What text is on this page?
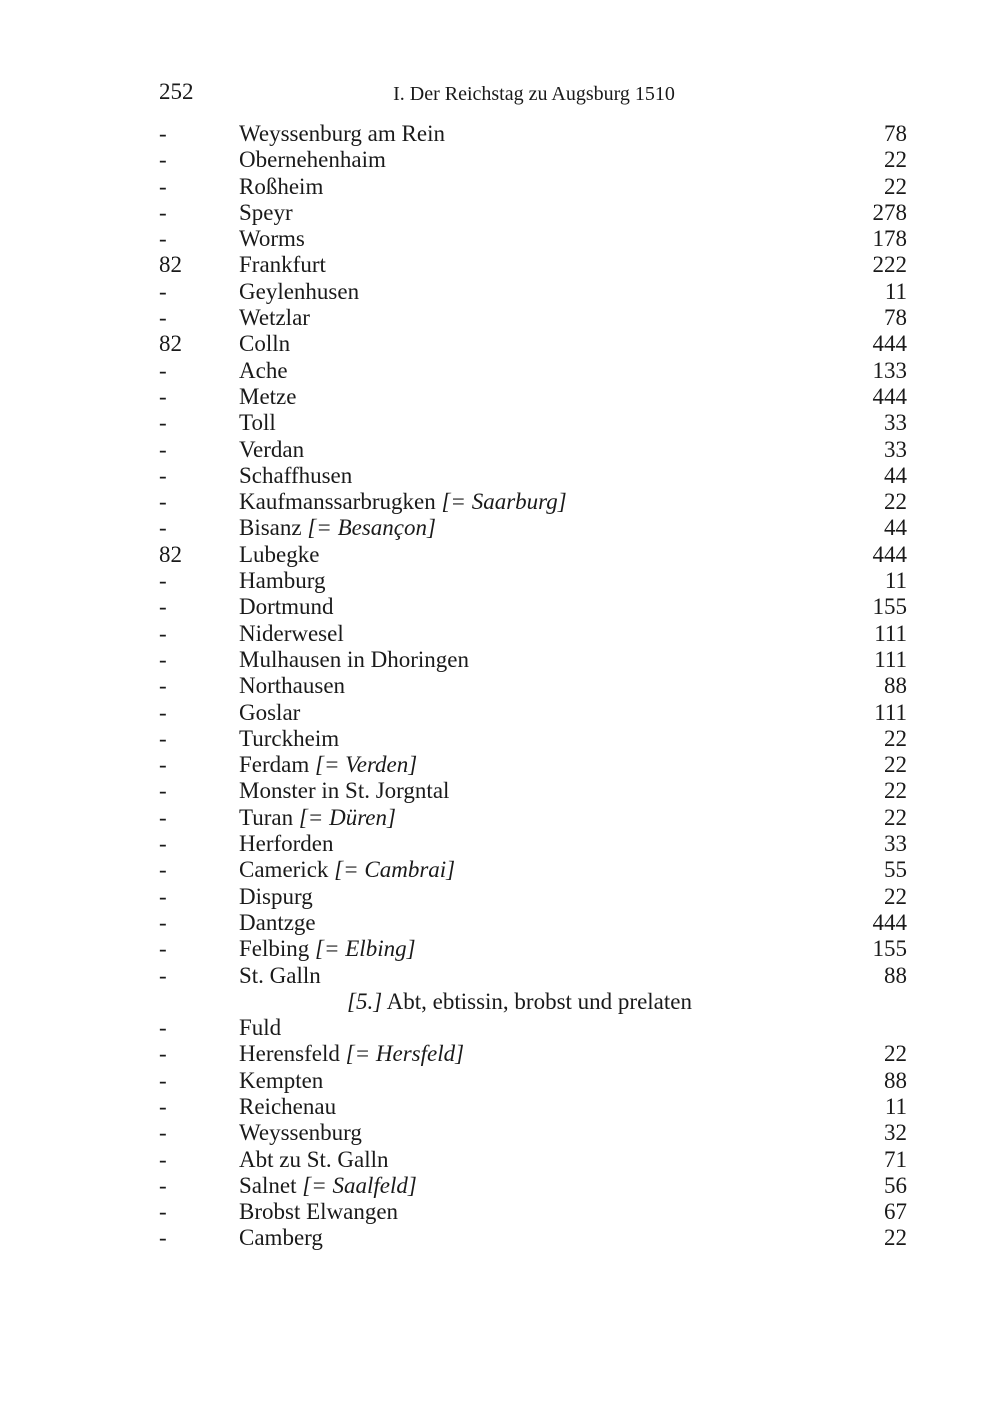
252	I. Der Reichstag zu Augsburg 1510
-	Weyssenburg am Rein	78
-	Obernehenhaim	22
-	Roßheim	22
-	Speyr	278
-	Worms	178
82 Frankfurt	222
-	Geylenhusen	11
-	Wetzlar	78
82 Colln	444
-	Ache	133
-	Metze	444
-	Toll	33
-	Verdan	33
-	Schaffhusen	44
-	Kaufmanssarbrugken [= Saarburg]	22
-	Bisanz [= Besançon]	44
82 Lubegke	444
-	Hamburg	11
-	Dortmund	155
-	Niderwesel	111
-	Mulhausen in Dhoringen	111
-	Northausen	88
-	Goslar	111
-	Turckheim	22
-	Ferdam [= Verden]	22
-	Monster in St. Jorgntal	22
-	Turan [= Düren]	22
-	Herforden	33
-	Camerick [= Cambrai]	55
-	Dispurg	22
-	Dantzge	444
-	Felbing [= Elbing]	155
-	St. Galln	88
[5.] Abt, ebtissin, brobst und prelaten
-	Fuld
-	Herensfeld [= Hersfeld]	22
-	Kempten	88
-	Reichenau	11
-	Weyssenburg	32
-	Abt zu St. Galln	71
-	Salnet [= Saalfeld]	56
-	Brobst Elwangen	67
-	Camberg	22
